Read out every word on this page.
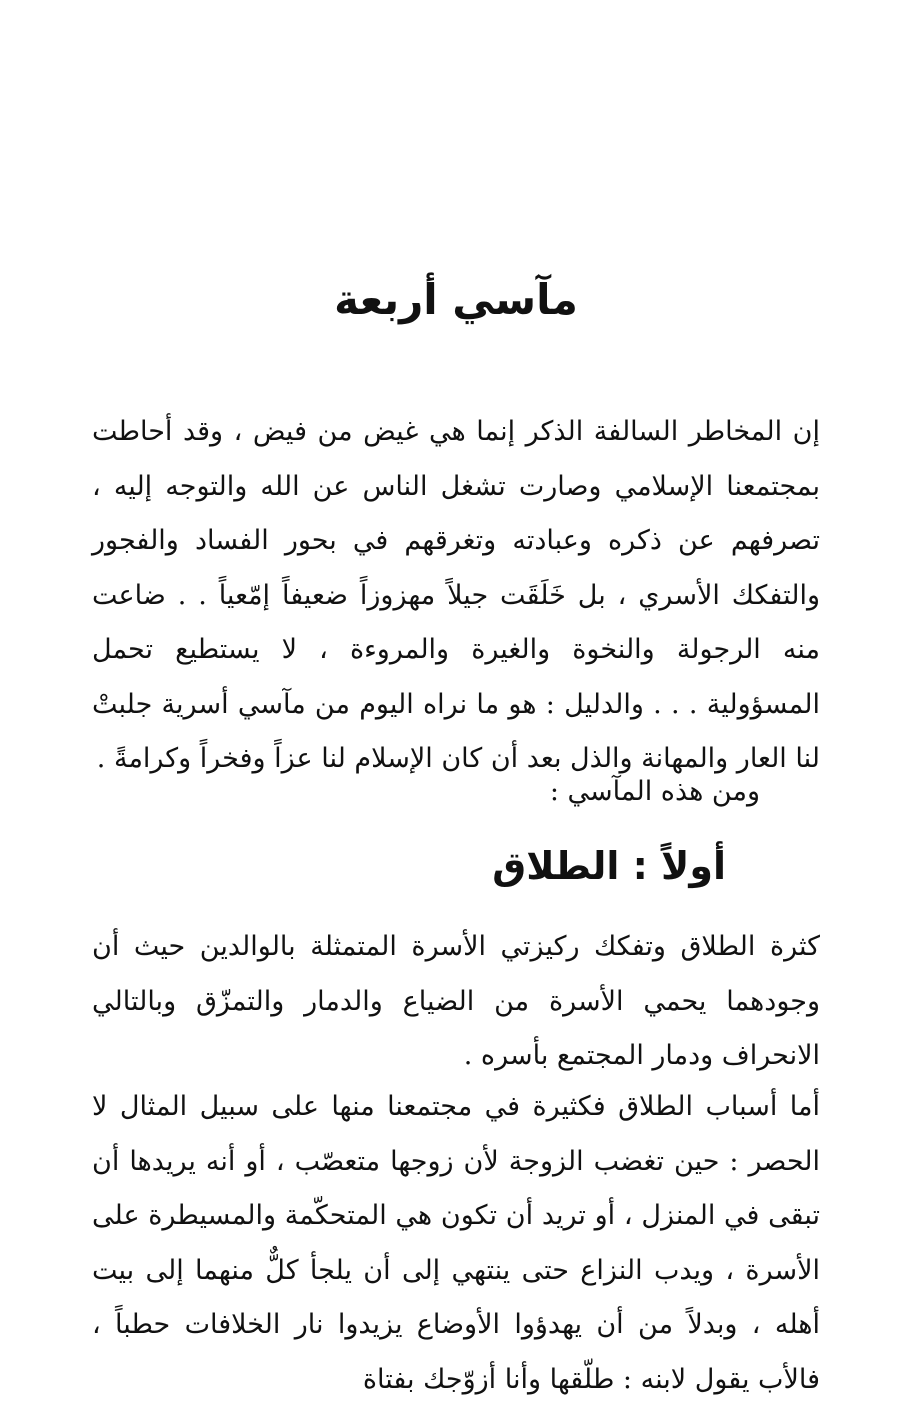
مآسي أربعة

إن المخاطر السالفة الذكر إنما هي غيض من فيض ، وقد أحاطت بمجتمعنا الإسلامي وصارت تشغل الناس عن الله والتوجه إليه ، تصرفهم عن ذكره وعبادته وتغرقهم في بحور الفساد والفجور والتفكك الأسري ، بل خَلَقَت جيلاً مهزوزاً ضعيفاً إمّعياً . . ضاعت منه الرجولة والنخوة والغيرة والمروءة ، لا يستطيع تحمل المسؤولية . . . والدليل : هو ما نراه اليوم من مآسي أسرية جلبتْ لنا العار والمهانة والذل بعد أن كان الإسلام لنا عزاً وفخراً وكرامةً .

ومن هذه المآسي :

أولاً : الطلاق

كثرة الطلاق وتفكك ركيزتي الأسرة المتمثلة بالوالدين حيث أن وجودهما يحمي الأسرة من الضياع والدمار والتمزّق وبالتالي الانحراف ودمار المجتمع بأسره .

أما أسباب الطلاق فكثيرة في مجتمعنا منها على سبيل المثال لا الحصر : حين تغضب الزوجة لأن زوجها متعصّب ، أو أنه يريدها أن تبقى في المنزل ، أو تريد أن تكون هي المتحكّمة والمسيطرة على الأسرة ، ويدب النزاع حتى ينتهي إلى أن يلجأ كلٌّ منهما إلى بيت أهله ، وبدلاً من أن يهدؤوا الأوضاع يزيدوا نار الخلافات حطباً ، فالأب يقول لابنه : طلّقها وأنا أزوّجك بفتاة
